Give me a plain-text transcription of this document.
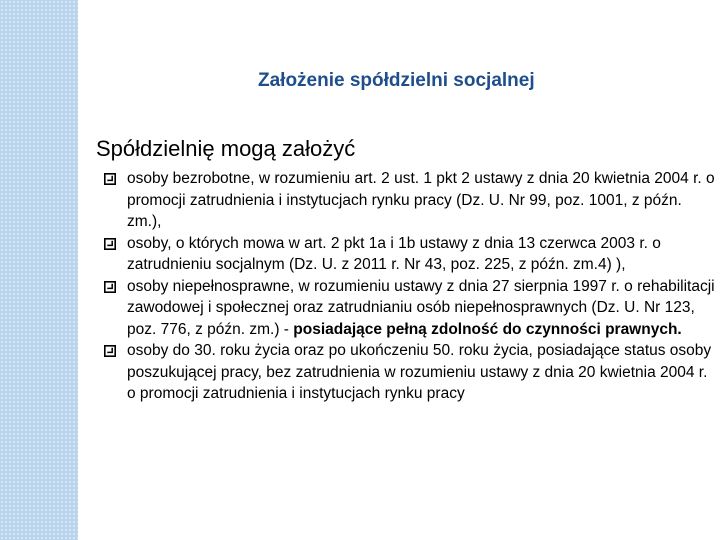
Założenie spółdzielni socjalnej
Spółdzielnię mogą założyć
osoby bezrobotne, w rozumieniu art. 2 ust. 1 pkt 2 ustawy z dnia 20 kwietnia 2004 r. o promocji zatrudnienia i instytucjach rynku pracy (Dz. U. Nr 99, poz. 1001, z późn. zm.),
osoby, o których mowa w art. 2 pkt 1a i 1b ustawy z dnia 13 czerwca 2003 r. o zatrudnieniu socjalnym (Dz. U. z 2011 r. Nr 43, poz. 225, z późn. zm.4) ),
osoby niepełnosprawne, w rozumieniu ustawy z dnia 27 sierpnia 1997 r. o rehabilitacji zawodowej i społecznej oraz zatrudnianiu osób niepełnosprawnych (Dz. U. Nr 123, poz. 776, z późn. zm.) - posiadające pełną zdolność do czynności prawnych.
osoby do 30. roku życia oraz po ukończeniu 50. roku życia, posiadające status osoby poszukującej pracy, bez zatrudnienia w rozumieniu ustawy z dnia 20 kwietnia 2004 r. o promocji zatrudnienia i instytucjach rynku pracy
